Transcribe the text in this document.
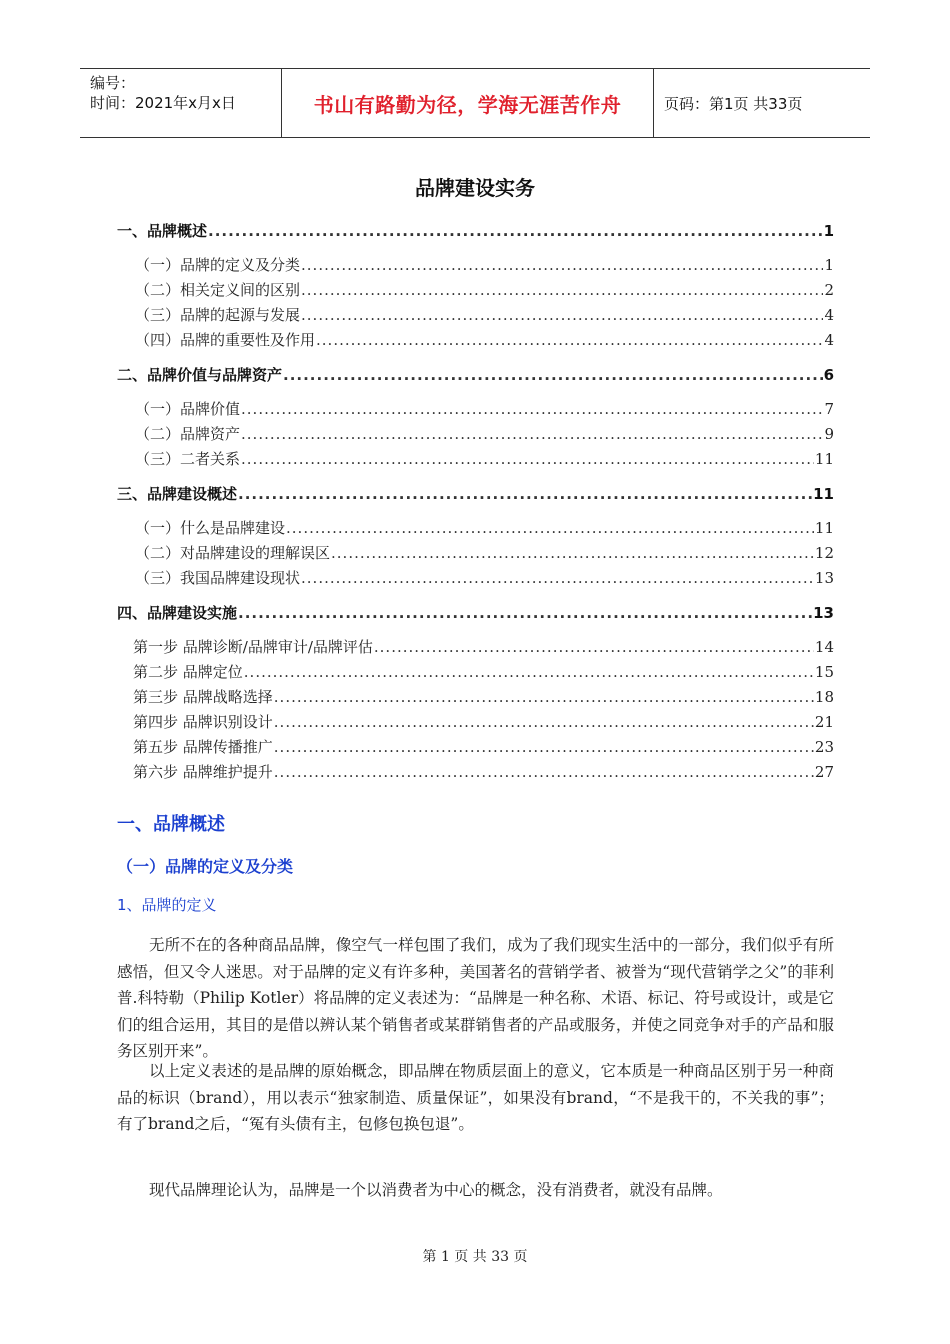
编号：
时间：2021年x月x日	书山有路勤为径，学海无涯苦作舟	页码：第1页 共33页
品牌建设实务
一、品牌概述 .....	1
（一）品牌的定义及分类 .....	1
（二）相关定义间的区别 .....	2
（三）品牌的起源与发展 .....	4
（四）品牌的重要性及作用 .....	4
二、品牌价值与品牌资产 .....	6
（一）品牌价值 .....	7
（二）品牌资产 .....	9
（三）二者关系 .....	11
三、品牌建设概述 .....	11
（一）什么是品牌建设 .....	11
（二）对品牌建设的理解误区 .....	12
（三）我国品牌建设现状 .....	13
四、品牌建设实施 .....	13
第一步 品牌诊断/品牌审计/品牌评估 .....	14
第二步 品牌定位 .....	15
第三步 品牌战略选择 .....	18
第四步 品牌识别设计 .....	21
第五步 品牌传播推广 .....	23
第六步 品牌维护提升 .....	27
一、品牌概述
（一）品牌的定义及分类
1、品牌的定义

无所不在的各种商品品牌，像空气一样包围了我们，成为了我们现实生活中的一部分，我们似乎有所感悟，但又令人迷思。对于品牌的定义有许多种，美国著名的营销学者、被誉为“现代营销学之父”的菲利普.科特勒（Philip Kotler）将品牌的定义表述为：“品牌是一种名称、术语、标记、符号或设计，或是它们的组合运用，其目的是借以辨认某个销售者或某群销售者的产品或服务，并使之同竞争对手的产品和服务区别开来”。

以上定义表述的是品牌的原始概念，即品牌在物质层面上的意义，它本质是一种商品区别于另一种商品的标识（brand），用以表示“独家制造、质量保证”，如果没有brand，“不是我干的，不关我的事”；有了brand之后，“冤有头债有主，包修包换包退”。

现代品牌理论认为，品牌是一个以消费者为中心的概念，没有消费者，就没有品牌。

第 1 页 共 33 页
